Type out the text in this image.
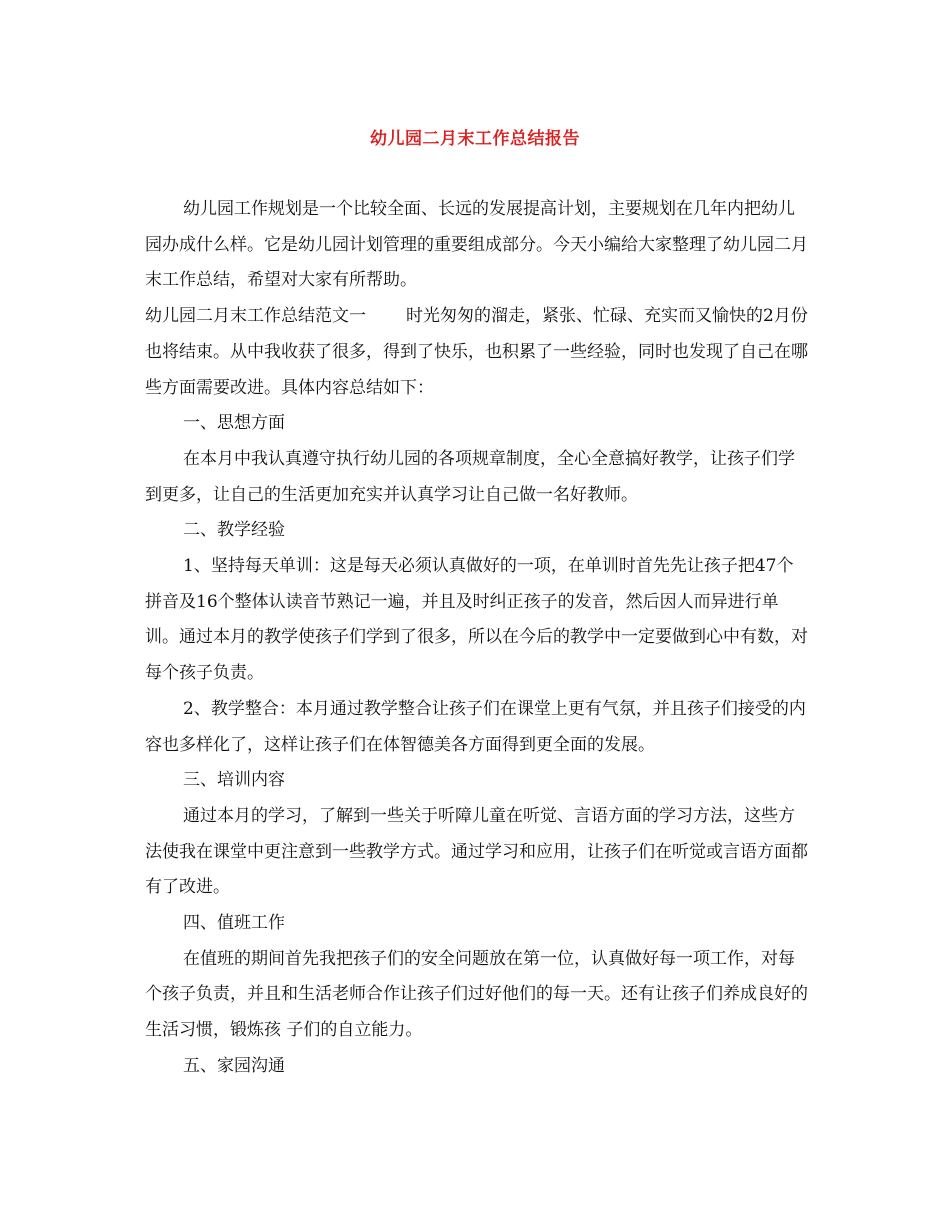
幼儿园二月末工作总结报告

幼儿园工作规划是一个比较全面、长远的发展提高计划，主要规划在几年内把幼儿园办成什么样。它是幼儿园计划管理的重要组成部分。今天小编给大家整理了幼儿园二月末工作总结，希望对大家有所帮助。

幼儿园二月末工作总结范文一 时光匆匆的溜走，紧张、忙碌、充实而又愉快的2月份也将结束。从中我收获了很多，得到了快乐，也积累了一些经验，同时也发现了自己在哪些方面需要改进。具体内容总结如下：

一、思想方面

在本月中我认真遵守执行幼儿园的各项规章制度，全心全意搞好教学，让孩子们学到更多，让自己的生活更加充实并认真学习让自己做一名好教师。

二、教学经验

1、坚持每天单训：这是每天必须认真做好的一项，在单训时首先先让孩子把47个拼音及16个整体认读音节熟记一遍，并且及时纠正孩子的发音，然后因人而异进行单训。通过本月的教学使孩子们学到了很多，所以在今后的教学中一定要做到心中有数，对每个孩子负责。

2、教学整合：本月通过教学整合让孩子们在课堂上更有气氛，并且孩子们接受的内容也多样化了，这样让孩子们在体智德美各方面得到更全面的发展。

三、培训内容

通过本月的学习，了解到一些关于听障儿童在听觉、言语方面的学习方法，这些方法使我在课堂中更注意到一些教学方式。通过学习和应用，让孩子们在听觉或言语方面都有了改进。

四、值班工作

在值班的期间首先我把孩子们的安全问题放在第一位，认真做好每一项工作，对每个孩子负责，并且和生活老师合作让孩子们过好他们的每一天。还有让孩子们养成良好的生活习惯，锻炼孩 子们的自立能力。

五、家园沟通
